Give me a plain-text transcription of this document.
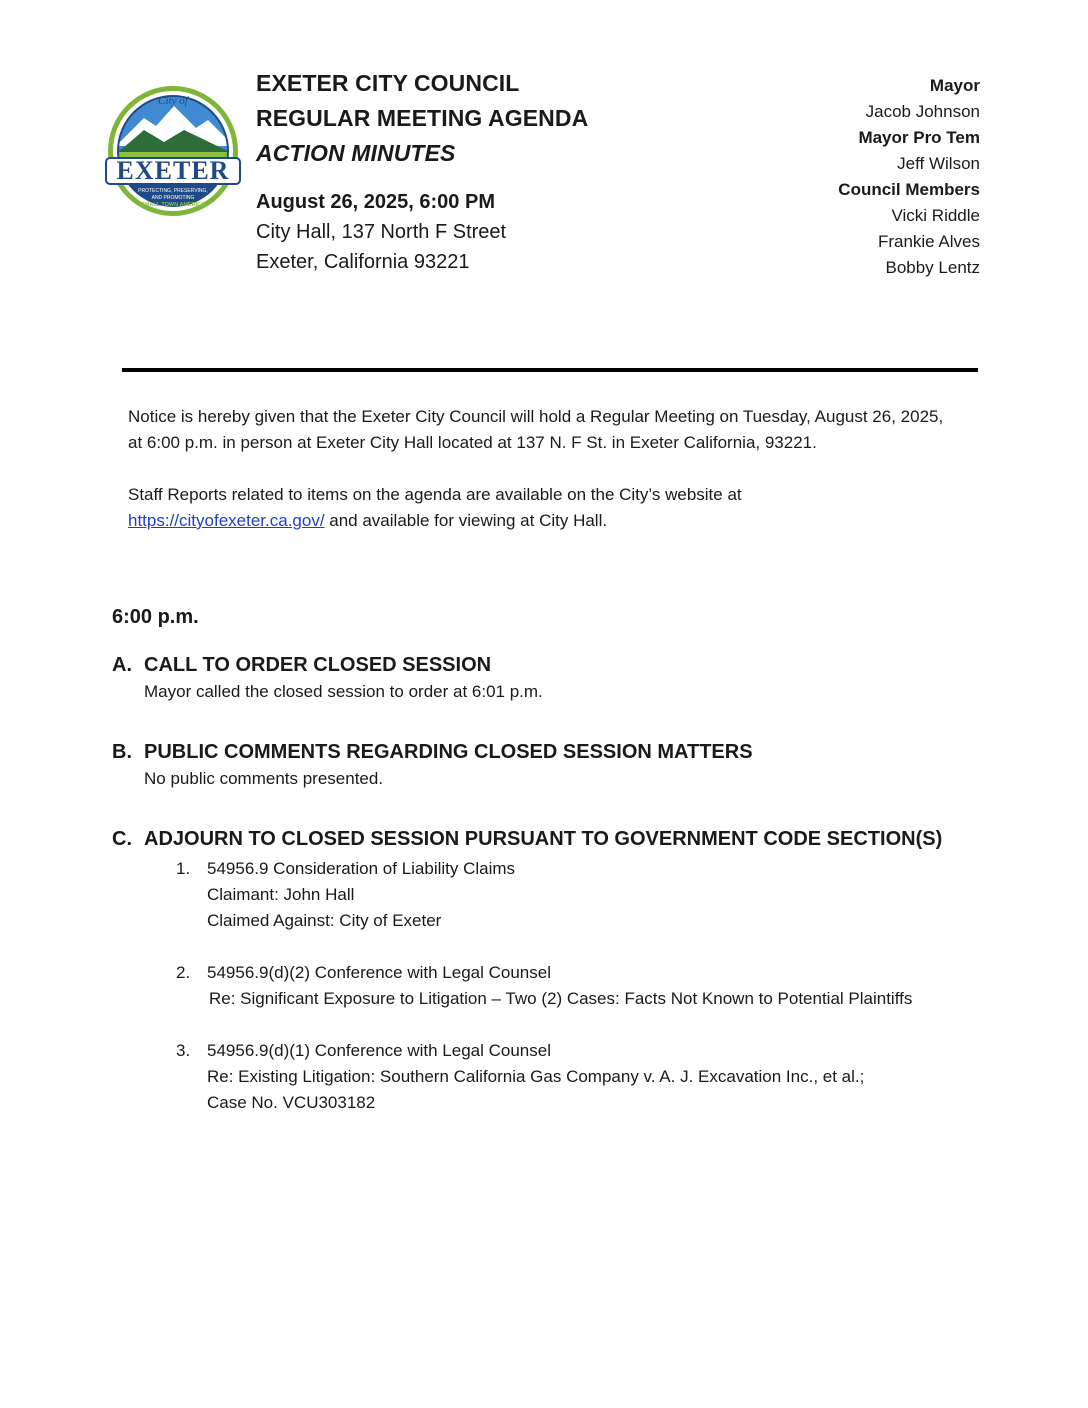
City of
EXETER
PROTECTING, PRESERVING,
AND PROMOTING
SMALL TOWN AMERICA
EXETER CITY COUNCIL
REGULAR MEETING AGENDA
ACTION MINUTES
August 26, 2025, 6:00 PM
City Hall, 137 North F Street
Exeter, California 93221
Mayor
Jacob Johnson
Mayor Pro Tem
Jeff Wilson
Council Members
Vicki Riddle
Frankie Alves
Bobby Lentz

Notice is hereby given that the Exeter City Council will hold a Regular Meeting on Tuesday, August 26, 2025, at 6:00 p.m. in person at Exeter City Hall located at 137 N. F St. in Exeter California, 93221.

Staff Reports related to items on the agenda are available on the City’s website at
https://cityofexeter.ca.gov/ and available for viewing at City Hall.

6:00 p.m.
A. CALL TO ORDER CLOSED SESSION
Mayor called the closed session to order at 6:01 p.m.
B. PUBLIC COMMENTS REGARDING CLOSED SESSION MATTERS
No public comments presented.
C. ADJOURN TO CLOSED SESSION PURSUANT TO GOVERNMENT CODE SECTION(S)
1. 54956.9 Consideration of Liability Claims
Claimant: John Hall
Claimed Against: City of Exeter
2. 54956.9(d)(2) Conference with Legal Counsel
Re: Significant Exposure to Litigation – Two (2) Cases: Facts Not Known to Potential Plaintiffs
3. 54956.9(d)(1) Conference with Legal Counsel
Re: Existing Litigation: Southern California Gas Company v. A. J. Excavation Inc., et al.;
Case No. VCU303182
